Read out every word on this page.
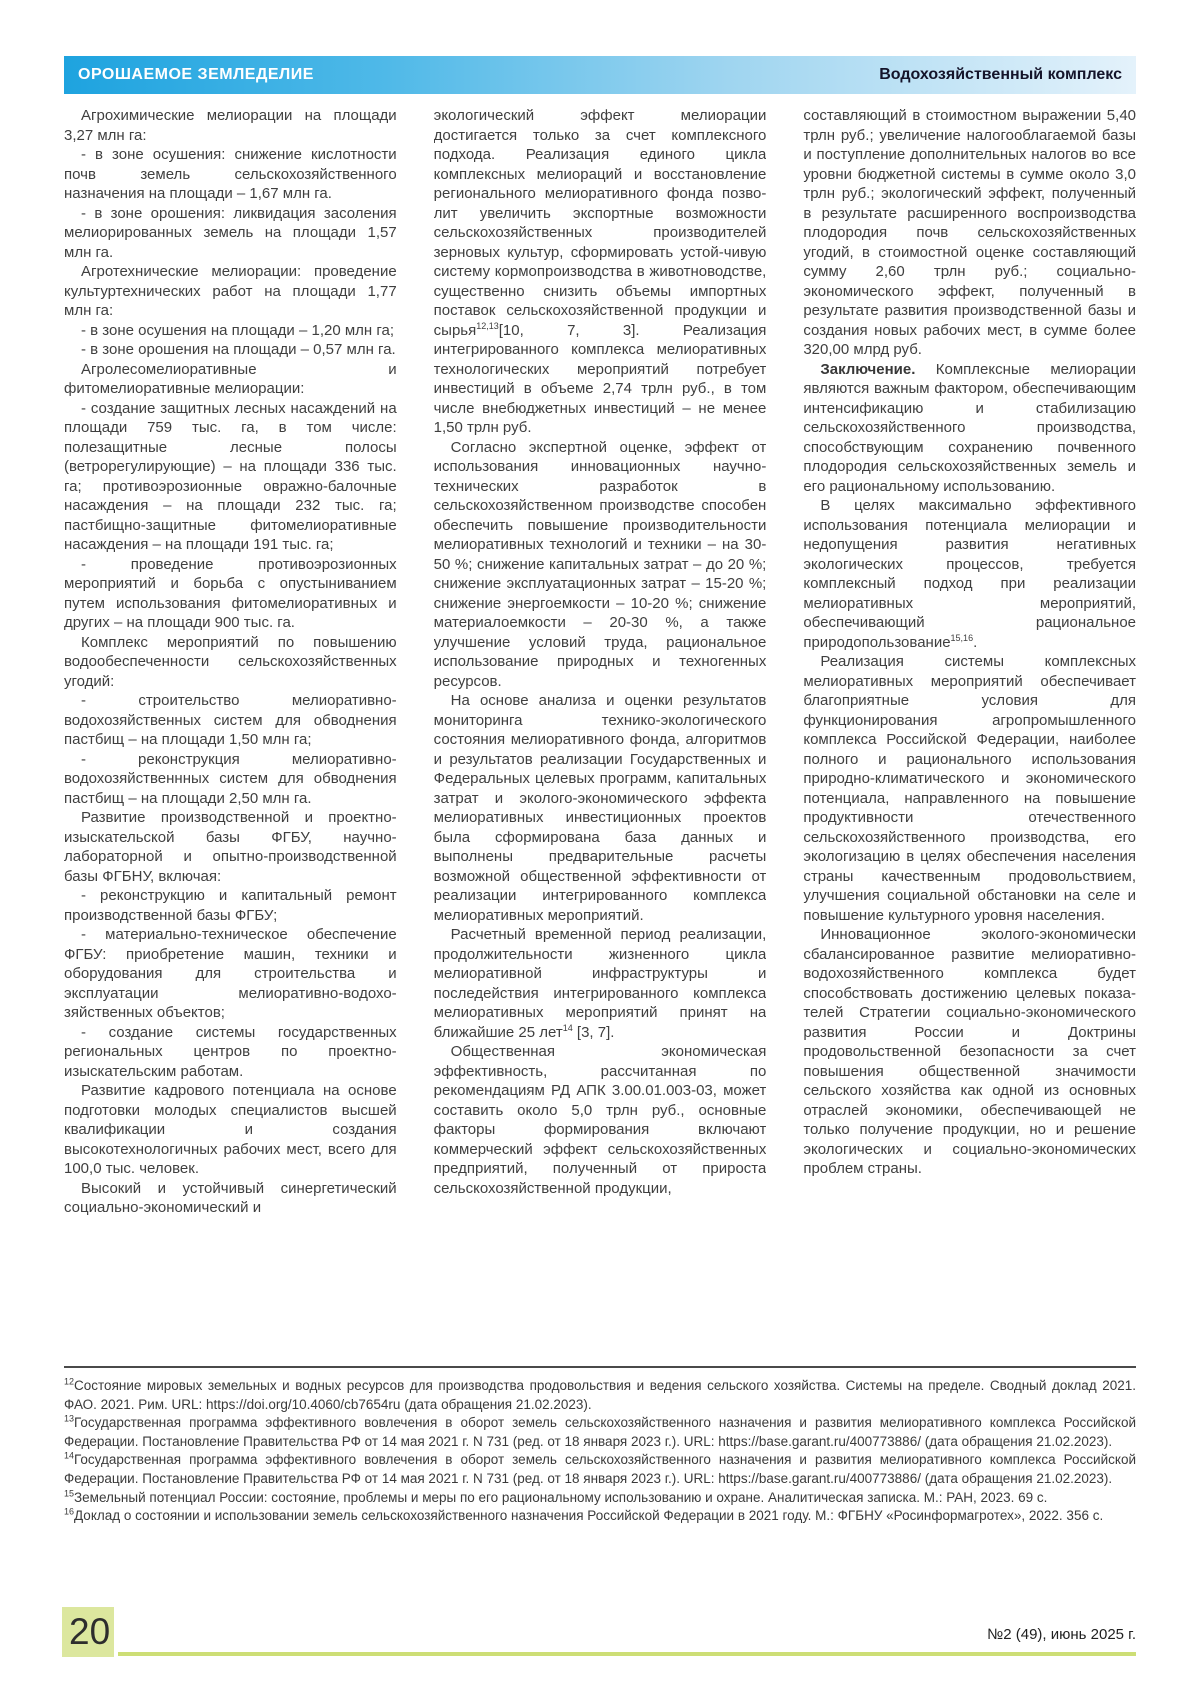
ОРОШАЕМОЕ ЗЕМЛЕДЕЛИЕ	Водохозяйственный комплекс

Агрохимические мелиорации на площади 3,27 млн га:

- в зоне осушения: снижение кислотности почв земель сельскохозяйственного назначения на площади – 1,67 млн га.

- в зоне орошения: ликвидация засоления мелиорированных земель на площади 1,57 млн га.

Агротехнические мелиорации: проведение культуртехнических работ на площади 1,77 млн га:

- в зоне осушения на площади – 1,20 млн га;

- в зоне орошения на площади – 0,57 млн га.

Агролесомелиоративные и фитомелиоративные мелиорации:

- создание защитных лесных насаждений на площади 759 тыс. га, в том числе: полезащитные лесные полосы (ветрорегулирующие) – на площади 336 тыс. га; противоэрозионные овражно-балочные насаждения – на площади 232 тыс. га; пастбищно-защитные фитомелиоративные насаждения – на площади 191 тыс. га;

- проведение противоэрозионных мероприятий и борьба с опустыниванием путем использования фитомелиоративных и других – на площади 900 тыс. га.

Комплекс мероприятий по повышению водообеспеченности сельскохозяйственных угодий:

- строительство мелиоративно-водохозяйственных систем для обводнения пастбищ – на площади 1,50 млн га;

- реконструкция мелиоративно-водохозяйственнных систем для обводнения пастбищ – на площади 2,50 млн га.

Развитие производственной и проектно-изыскательской базы ФГБУ, научно-лабораторной и опытно-производственной базы ФГБНУ, включая:

- реконструкцию и капитальный ремонт производственной базы ФГБУ;

- материально-техническое обеспечение ФГБУ: приобретение машин, техники и оборудования для строительства и эксплуатации мелиоративно-водохо-зяйственных объектов;

- создание системы государственных региональных центров по проектно-изыскательским работам.

Развитие кадрового потенциала на основе подготовки молодых специалистов высшей квалификации и создания высокотехнологичных рабочих мест, всего для 100,0 тыс. человек.

Высокий и устойчивый синергетический социально-экономический и

экологический эффект мелиорации достигается только за счет комплексного подхода. Реализация единого цикла комплексных мелиораций и восстановление регионального мелиоративного фонда позво-лит увеличить экспортные возможности сельскохозяйственных производителей зерновых культур, сформировать устой-чивую систему кормопроизводства в животноводстве, существенно снизить объемы импортных поставок сельскохозяйственной продукции и сырья$^{12,13}$[10, 7, 3]. Реализация интегрированного комплекса мелиоративных технологических мероприятий потребует инвестиций в объеме 2,74 трлн руб., в том числе внебюджетных инвестиций – не менее 1,50 трлн руб.

Согласно экспертной оценке, эффект от использования инновационных научно-технических разработок в сельскохозяйственном производстве способен обеспечить повышение производительности мелиоративных технологий и техники – на 30-50 %; снижение капитальных затрат – до 20 %; снижение эксплуатационных затрат – 15-20 %; снижение энергоемкости – 10-20 %; снижение материалоемкости – 20-30 %, а также улучшение условий труда, рациональное использование природных и техногенных ресурсов.

На основе анализа и оценки результатов мониторинга технико-экологического состояния мелиоративного фонда, алгоритмов и результатов реализации Государственных и Федеральных целевых программ, капитальных затрат и эколого-экономического эффекта мелиоративных инвестиционных проектов была сформирована база данных и выполнены предварительные расчеты возможной общественной эффективности от реализации интегрированного комплекса мелиоративных мероприятий.

Расчетный временной период реализации, продолжительности жизненного цикла мелиоративной инфраструктуры и последействия интегрированного комплекса мелиоративных мероприятий принят на ближайшие 25 лет$^{14}$ [3, 7].

Общественная экономическая эффективность, рассчитанная по рекомендациям РД АПК 3.00.01.003-03, может составить около 5,0 трлн руб., основные факторы формирования включают коммерческий эффект сельскохозяйственных предприятий, полученный от прироста сельскохозяйственной продукции,

составляющий в стоимостном выражении 5,40 трлн руб.; увеличение налогооблагаемой базы и поступление дополнительных налогов во все уровни бюджетной системы в сумме около 3,0 трлн руб.; экологический эффект, полученный в результате расширенного воспроизводства плодородия почв сельскохозяйственных угодий, в стоимостной оценке составляющий сумму 2,60 трлн руб.; социально-экономического эффект, полученный в результате развития производственной базы и создания новых рабочих мест, в сумме более 320,00 млрд руб.

Заключение. Комплексные мелиорации являются важным фактором, обеспечивающим интенсификацию и стабилизацию сельскохозяйственного производства, способствующим сохранению почвенного плодородия сельскохозяйственных земель и его рациональному использованию.

В целях максимально эффективного использования потенциала мелиорации и недопущения развития негативных экологических процессов, требуется комплексный подход при реализации мелиоративных мероприятий, обеспечивающий рациональное природопользование$^{15,16}$.

Реализация системы комплексных мелиоративных мероприятий обеспечивает благоприятные условия для функционирования агропромышленного комплекса Российской Федерации, наиболее полного и рационального использования природно-климатического и экономического потенциала, направленного на повышение продуктивности отечественного сельскохозяйственного производства, его экологизацию в целях обеспечения населения страны качественным продовольствием, улучшения социальной обстановки на селе и повышение культурного уровня населения.

Инновационное эколого-экономически сбалансированное развитие мелиоративно-водохозяйственного комплекса будет способствовать достижению целевых показа-телей Стратегии социально-экономического развития России и Доктрины продовольственной безопасности за счет повышения общественной значимости сельского хозяйства как одной из основных отраслей экономики, обеспечивающей не только получение продукции, но и решение экологических и социально-экономических проблем страны.

$^{12}$Состояние мировых земельных и водных ресурсов для производства продовольствия и ведения сельского хозяйства. Системы на пределе. Сводный доклад 2021. ФАО. 2021. Рим. URL: https://doi.org/10.4060/cb7654ru (дата обращения 21.02.2023).
$^{13}$Государственная программа эффективного вовлечения в оборот земель сельскохозяйственного назначения и развития мелиоративного комплекса Российской Федерации. Постановление Правительства РФ от 14 мая 2021 г. N 731 (ред. от 18 января 2023 г.). URL: https://base.garant.ru/400773886/ (дата обращения 21.02.2023).
$^{14}$Государственная программа эффективного вовлечения в оборот земель сельскохозяйственного назначения и развития мелиоративного комплекса Российской Федерации. Постановление Правительства РФ от 14 мая 2021 г. N 731 (ред. от 18 января 2023 г.). URL: https://base.garant.ru/400773886/ (дата обращения 21.02.2023).
$^{15}$Земельный потенциал России: состояние, проблемы и меры по его рациональному использованию и охране. Аналитическая записка. М.: РАН, 2023. 69 с.
$^{16}$Доклад о состоянии и использовании земель сельскохозяйственного назначения Российской Федерации в 2021 году. М.: ФГБНУ «Росинформагротех», 2022. 356 с.
20	№2 (49), июнь 2025 г.
